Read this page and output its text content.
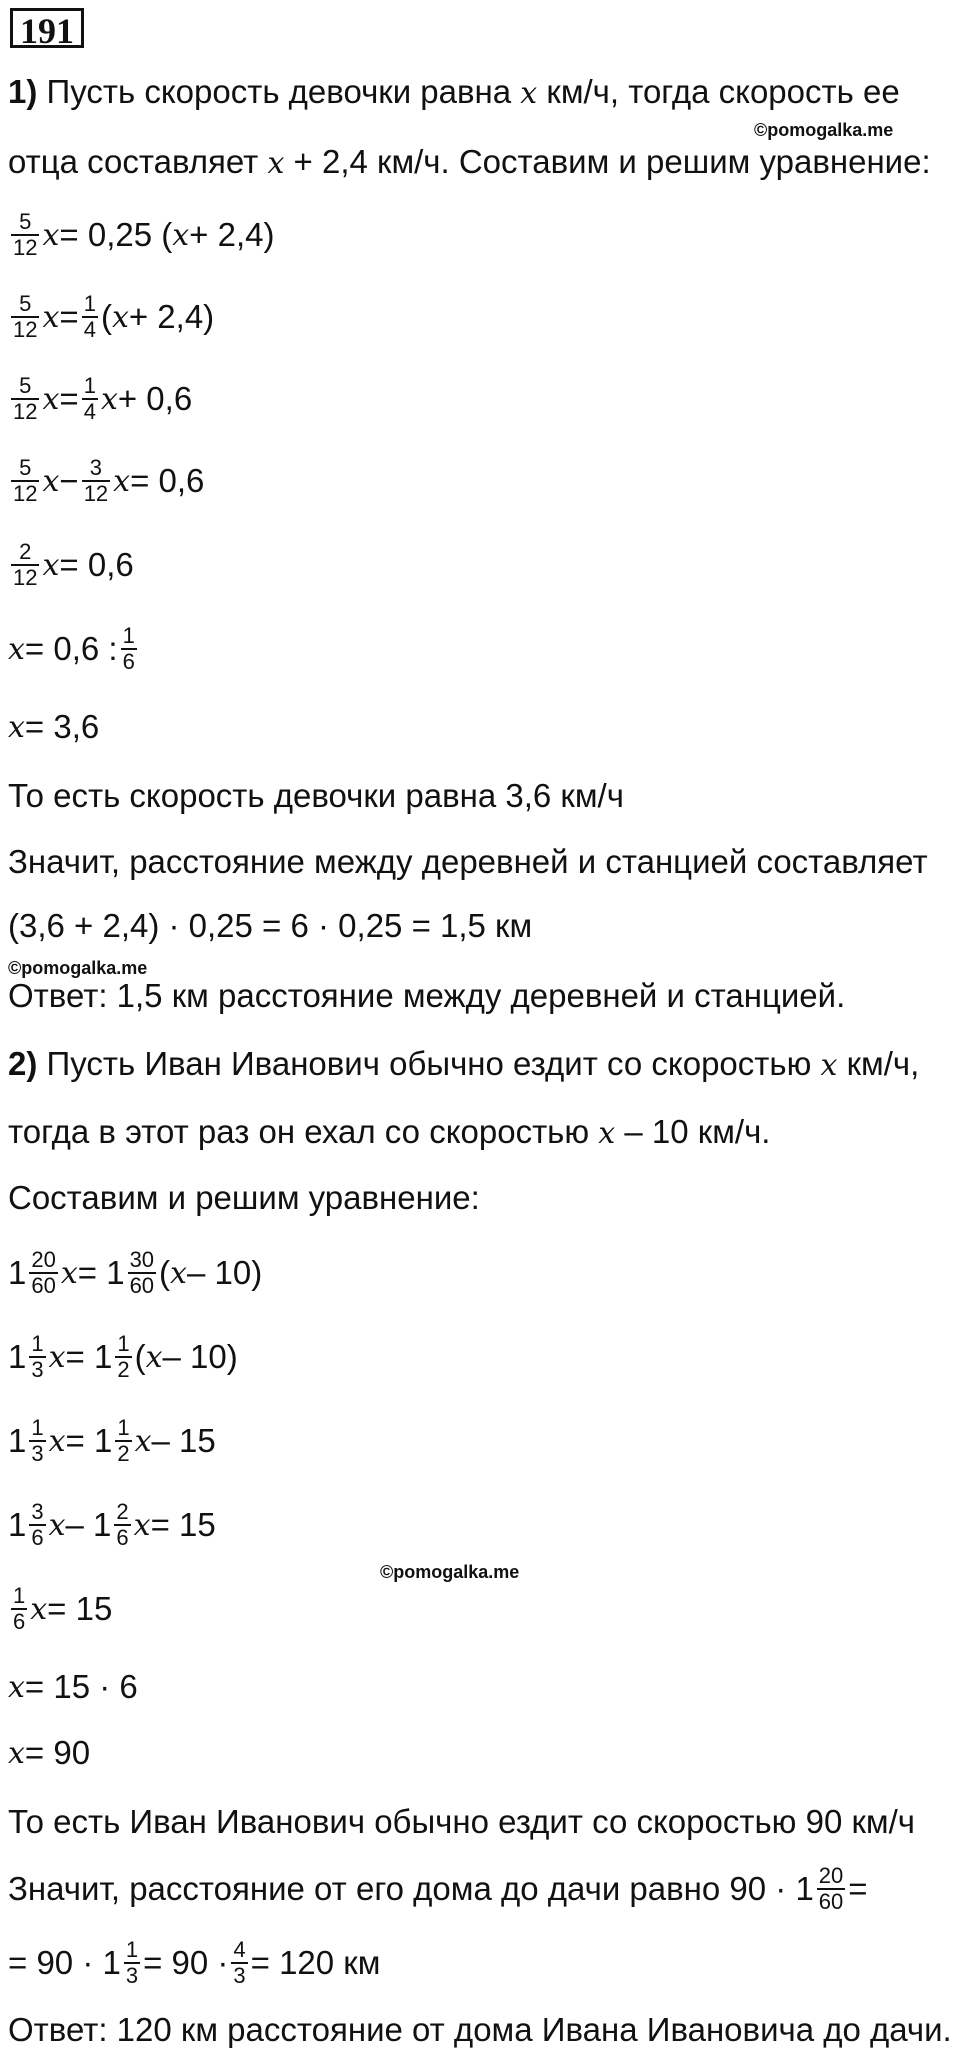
191
1) Пусть скорость девочки равна x км/ч, тогда скорость ее
©pomogalka.me
отца составляет x + 2,4 км/ч. Составим и решим уравнение:
$\frac{5}{12}$ x = 0,25 ( x + 2,4)
$\frac{5}{12}$ $x = \frac{1}{4}$ ( x + 2,4)
$\frac{5}{12}$ $x = \frac{1}{4}$ x + 0,6
$\frac{5}{12}$ $x - \frac{3}{12}$ x = 0,6
$\frac{2}{12}$ x = 0,6
x = 0,6 : $\frac{1}{6}$
x = 3,6
То есть скорость девочки равна 3,6 км/ч
Значит, расстояние между деревней и станцией составляет
(3,6 + 2,4) · 0,25 = 6 · 0,25 = 1,5 км
©pomogalka.me
Ответ: 1,5 км расстояние между деревней и станцией.
2) Пусть Иван Иванович обычно ездит со скоростью x км/ч,
тогда в этот раз он ехал со скоростью x – 10 км/ч.
Составим и решим уравнение:
$1 \frac{20}{60}$ $x = 1 \frac{30}{60}$ ( x – 10)
$1 \frac{1}{3}$ $x = 1 \frac{1}{2}$ ( x – 10)
$1 \frac{1}{3}$ $x = 1 \frac{1}{2}$ x – 15
$1 \frac{3}{6}$ x – $1 \frac{2}{6}$ x = 15
©pomogalka.me
$\frac{1}{6}$ x = 15
x = 15 · 6
x = 90
То есть Иван Иванович обычно ездит со скоростью 90 км/ч
Значит, расстояние от его дома до дачи равно $90 \cdot 1 \frac{20}{60}$ =
= $90 \cdot 1 \frac{1}{3} = 90 \cdot \frac{4}{3} = 120$ км
Ответ: 120 км расстояние от дома Ивана Ивановича до дачи.
